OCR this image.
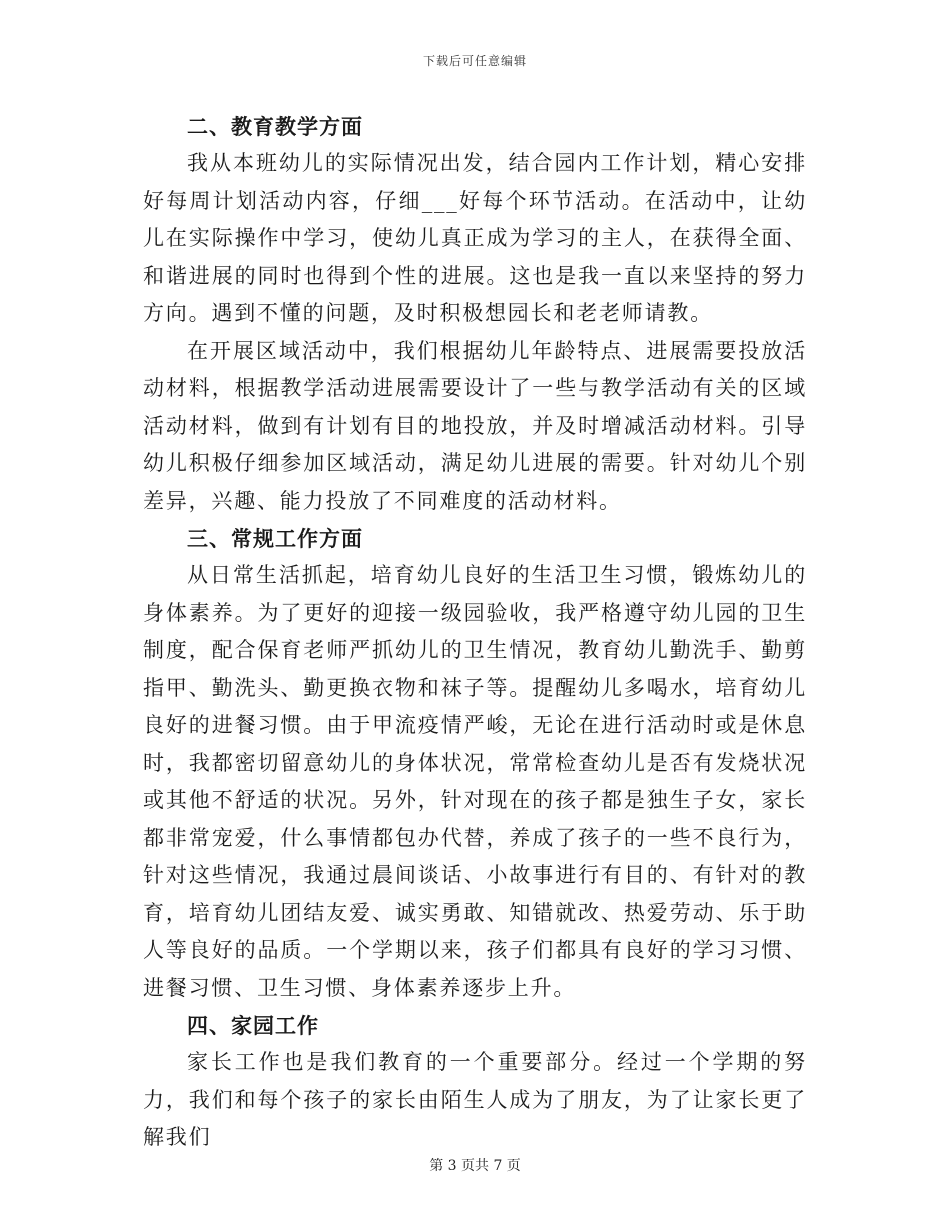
下载后可任意编辑
二、教育教学方面

我从本班幼儿的实际情况出发，结合园内工作计划，精心安排好每周计划活动内容，仔细___好每个环节活动。在活动中，让幼儿在实际操作中学习，使幼儿真正成为学习的主人，在获得全面、和谐进展的同时也得到个性的进展。这也是我一直以来坚持的努力方向。遇到不懂的问题，及时积极想园长和老老师请教。

在开展区域活动中，我们根据幼儿年龄特点、进展需要投放活动材料，根据教学活动进展需要设计了一些与教学活动有关的区域活动材料，做到有计划有目的地投放，并及时增减活动材料。引导幼儿积极仔细参加区域活动，满足幼儿进展的需要。针对幼儿个别差异，兴趣、能力投放了不同难度的活动材料。

三、常规工作方面

从日常生活抓起，培育幼儿良好的生活卫生习惯，锻炼幼儿的身体素养。为了更好的迎接一级园验收，我严格遵守幼儿园的卫生制度，配合保育老师严抓幼儿的卫生情况，教育幼儿勤洗手、勤剪指甲、勤洗头、勤更换衣物和袜子等。提醒幼儿多喝水，培育幼儿良好的进餐习惯。由于甲流疫情严峻，无论在进行活动时或是休息时，我都密切留意幼儿的身体状况，常常检查幼儿是否有发烧状况或其他不舒适的状况。另外，针对现在的孩子都是独生子女，家长都非常宠爱，什么事情都包办代替，养成了孩子的一些不良行为，针对这些情况，我通过晨间谈话、小故事进行有目的、有针对的教育，培育幼儿团结友爱、诚实勇敢、知错就改、热爱劳动、乐于助人等良好的品质。一个学期以来，孩子们都具有良好的学习习惯、进餐习惯、卫生习惯、身体素养逐步上升。

四、家园工作

家长工作也是我们教育的一个重要部分。经过一个学期的努力，我们和每个孩子的家长由陌生人成为了朋友，为了让家长更了解我们

第 3 页共 7 页
